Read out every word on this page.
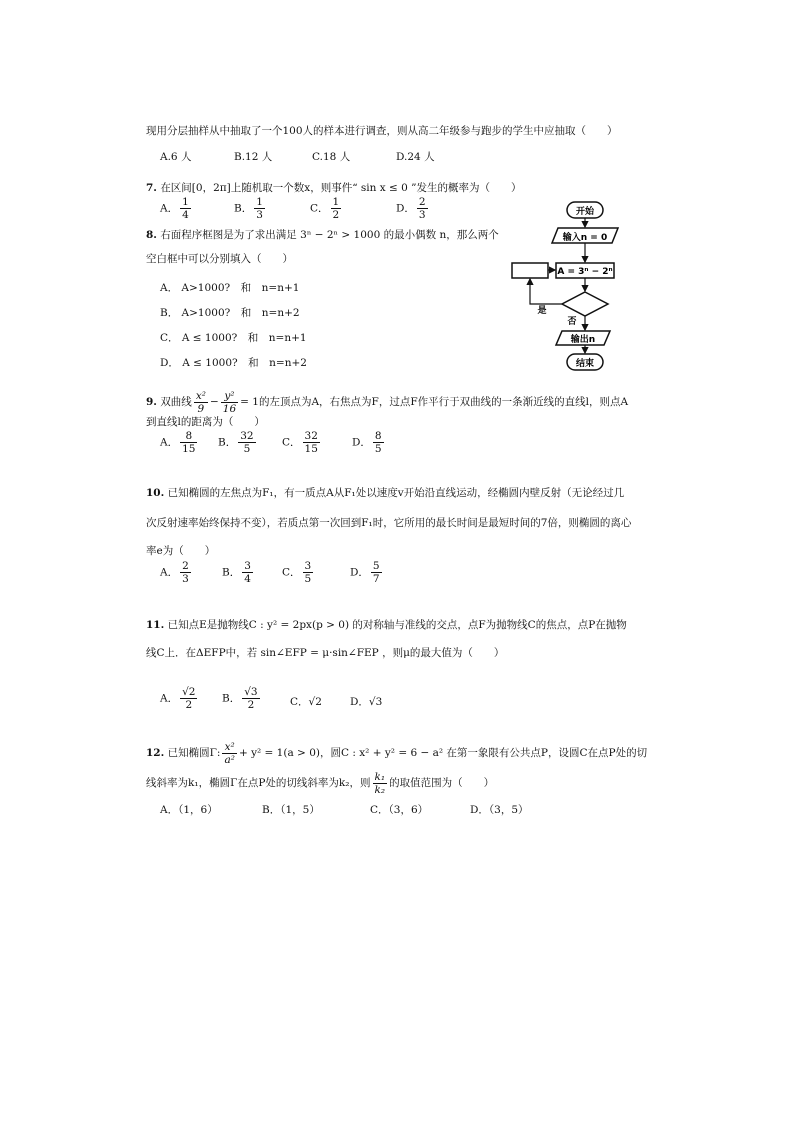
现用分层抽样从中抽取了一个100人的样本进行调查，则从高二年级参与跑步的学生中应抽取（　　）
A.6 人	B.12 人	C.18 人	D.24 人
7. 在区间[0，2π]上随机取一个数x，则事件“ sin x ≤ 0 ”发生的概率为（　　）
A． $\frac{1}{4}$	B． $\frac{1}{3}$	C． $\frac{1}{2}$	D． $\frac{2}{3}$
8. 右面程序框图是为了求出满足 3ⁿ − 2ⁿ > 1000 的最小偶数 n，那么两个
空白框中可以分别填入（　　）
A． A>1000?　和　n=n+1
B． A>1000?　和　n=n+2
C． A ≤ 1000?　和　n=n+1
D． A ≤ 1000?　和　n=n+2
开始
输入n = 0
A = 3ⁿ − 2ⁿ
是
否
输出n
结束
9. 双曲线 $\frac{\text{x²}}{9} - \frac{\text{y²}}{16} = 1$的左顶点为A，右焦点为F，过点F作平行于双曲线的一条渐近线的直线l，则点A
到直线l的距离为（　　）
A． $\frac{8}{15}$ B． $\frac{32}{5}$	C． $\frac{32}{15}$	D． $\frac{8}{5}$
10. 已知椭圆的左焦点为F₁，有一质点A从F₁处以速度v开始沿直线运动，经椭圆内壁反射（无论经过几
次反射速率始终保持不变），若质点第一次回到F₁时，它所用的最长时间是最短时间的7倍，则椭圆的离心
率e为（　　）
A． $\frac{2}{3}$	B． $\frac{3}{4}$	C． $\frac{3}{5}$	D． $\frac{5}{7}$
11. 已知点E是抛物线C : y² = 2px(p > 0) 的对称轴与准线的交点，点F为抛物线C的焦点，点P在抛物
线C上．在ΔEFP中，若 sin∠EFP = μ·sin∠FEP ，则μ的最大值为（　　）
A． $\frac{√2}{2}$ B． $\frac{√3}{2}$	C．√2	D．√3
12. 已知椭圆Γ: $\frac{\text{x²}}{\text{a²}} + y^2 = 1(a > 0)$，圆C : x² + y² = 6 − a² 在第一象限有公共点P，设圆C在点P处的切
线斜率为k₁，椭圆Γ在点P处的切线斜率为k₂，则 $\frac{\text{k₁}}{\text{k₂}}$ 的取值范围为（　　）
A．（1，6）	B．（1，5）	C．（3，6）	D．（3，5）
